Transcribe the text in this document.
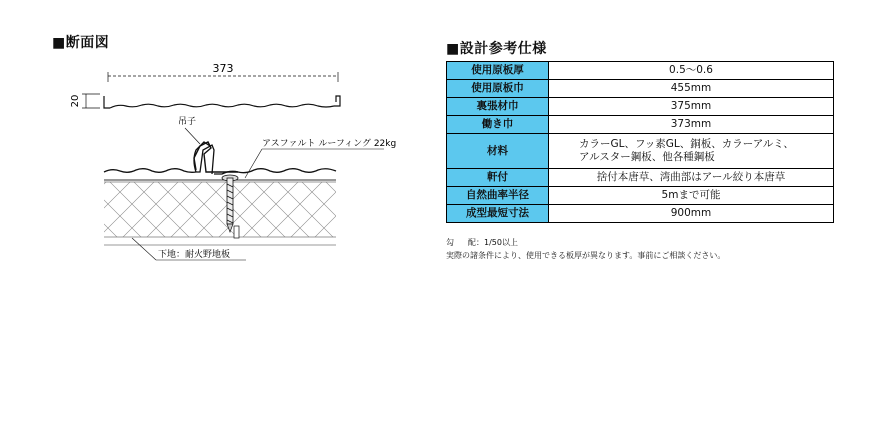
■断面図
373
20
吊子
アスファルト ルーフィング 22kg
下地：耐火野地板
■設計参考仕様
使用原板厚	0.5～0.6

使用原板巾	455mm

裏張材巾	375mm

働き巾	373mm

材料	カラーGL、フッ素GL、銅板、カラーアルミ、
アルスター鋼板、他各種鋼板

軒付	捨付本唐草、湾曲部はアール絞り本唐草

自然曲率半径	5mまで可能

成型最短寸法	900mm
勾 配：1/50以上
実際の諸条件により、使用できる板厚が異なります。事前にご相談ください。
